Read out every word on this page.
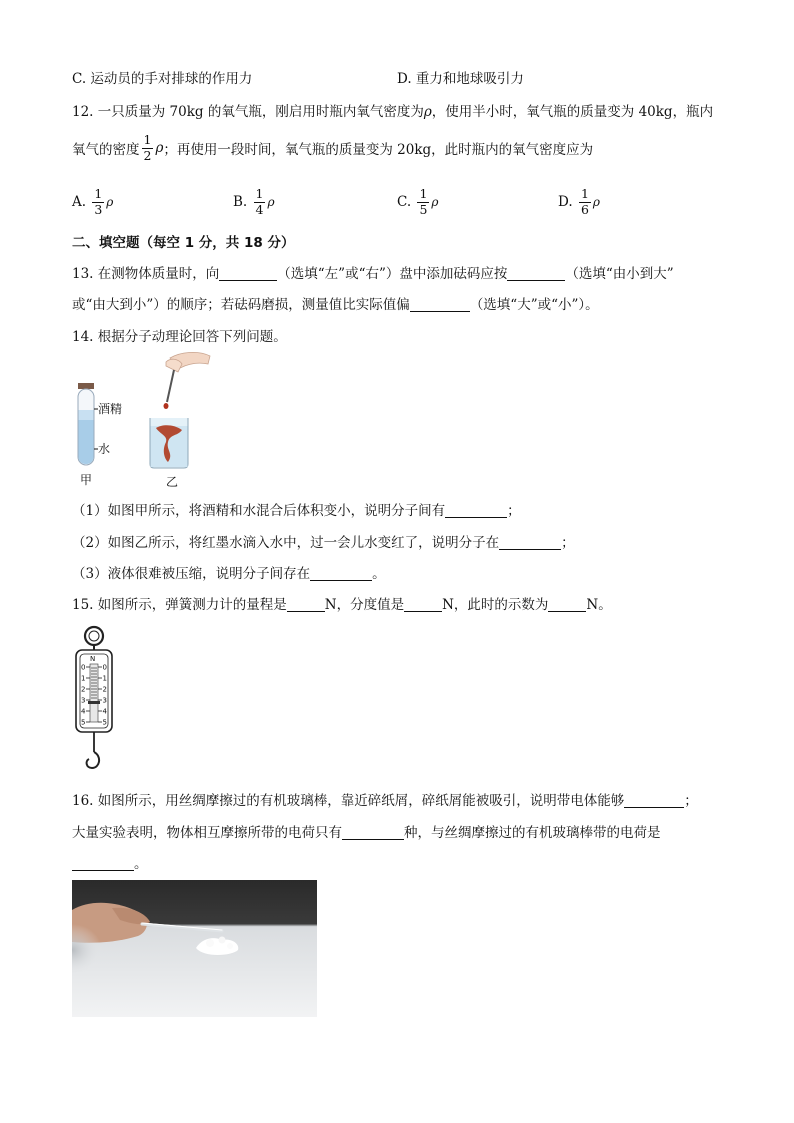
C. 运动员的手对排球的作用力	D. 重力和地球吸引力
12. 一只质量为 70kg 的氧气瓶，刚启用时瓶内氧气密度为ρ，使用半小时，氧气瓶的质量变为 40kg，瓶内
氧气的密度 $\frac{1}{2}$ ρ；再使用一段时间，氧气瓶的质量变为 20kg，此时瓶内的氧气密度应为
A. $\frac{1}{3}$ ρ	B. $\frac{1}{4}$ ρ	C. $\frac{1}{5}$ ρ	D. $\frac{1}{6}$ ρ
二、填空题（每空 1 分，共 18 分）
13. 在测物体质量时，向	（选填“左”或“右”）盘中添加砝码应按	（选填“由小到大”
或“由大到小”）的顺序；若砝码磨损，测量值比实际值偏	（选填“大”或“小”）。
14. 根据分子动理论回答下列问题。
酒精
水
甲	乙
（1）如图甲所示，将酒精和水混合后体积变小，说明分子间有	；
（2）如图乙所示，将红墨水滴入水中，过一会儿水变红了，说明分子在	；
（3）液体很难被压缩，说明分子间存在	。
15. 如图所示，弹簧测力计的量程是	N，分度值是	N，此时的示数为	N。
N
0 0
1 1
2 2
3 3
4 4
5 5
16. 如图所示，用丝绸摩擦过的有机玻璃棒，靠近碎纸屑，碎纸屑能被吸引，说明带电体能够	；
大量实验表明，物体相互摩擦所带的电荷只有	种，与丝绸摩擦过的有机玻璃棒带的电荷是
。
